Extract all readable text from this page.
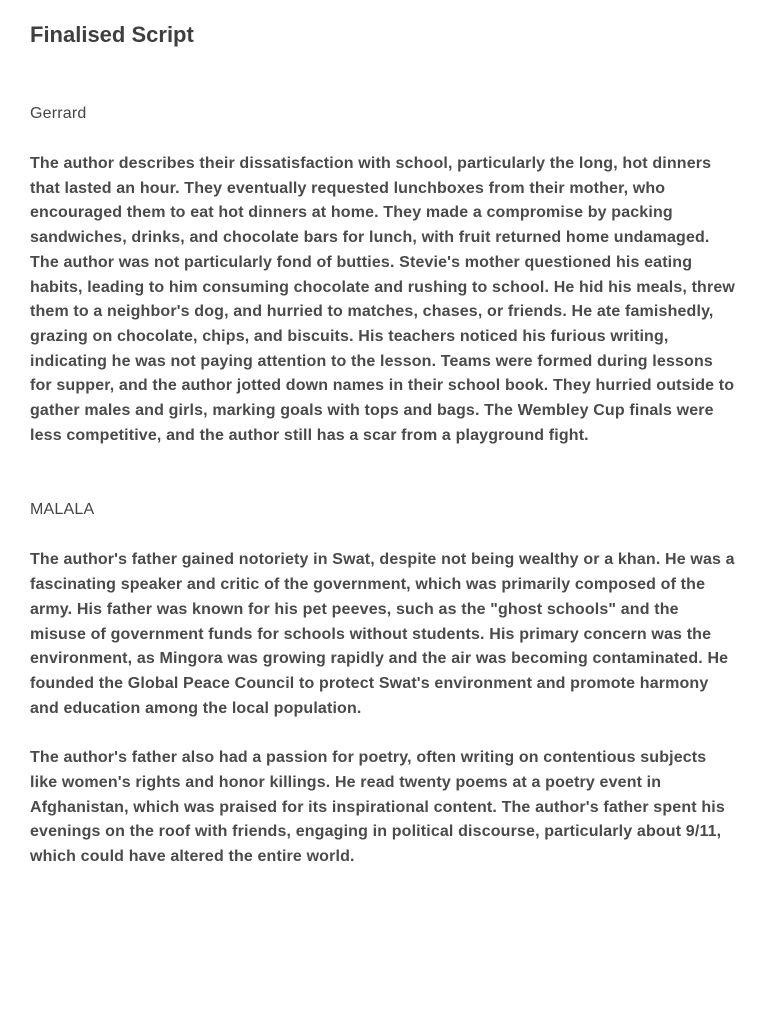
Finalised Script

Gerrard

The author describes their dissatisfaction with school, particularly the long, hot dinners that lasted an hour. They eventually requested lunchboxes from their mother, who encouraged them to eat hot dinners at home. They made a compromise by packing sandwiches, drinks, and chocolate bars for lunch, with fruit returned home undamaged. The author was not particularly fond of butties. Stevie's mother questioned his eating habits, leading to him consuming chocolate and rushing to school. He hid his meals, threw them to a neighbor's dog, and hurried to matches, chases, or friends. He ate famishedly, grazing on chocolate, chips, and biscuits. His teachers noticed his furious writing, indicating he was not paying attention to the lesson. Teams were formed during lessons for supper, and the author jotted down names in their school book. They hurried outside to gather males and girls, marking goals with tops and bags. The Wembley Cup finals were less competitive, and the author still has a scar from a playground fight.

MALALA

The author's father gained notoriety in Swat, despite not being wealthy or a khan. He was a fascinating speaker and critic of the government, which was primarily composed of the army. His father was known for his pet peeves, such as the "ghost schools" and the misuse of government funds for schools without students. His primary concern was the environment, as Mingora was growing rapidly and the air was becoming contaminated. He founded the Global Peace Council to protect Swat's environment and promote harmony and education among the local population.

The author's father also had a passion for poetry, often writing on contentious subjects like women's rights and honor killings. He read twenty poems at a poetry event in Afghanistan, which was praised for its inspirational content. The author's father spent his evenings on the roof with friends, engaging in political discourse, particularly about 9/11, which could have altered the entire world.
